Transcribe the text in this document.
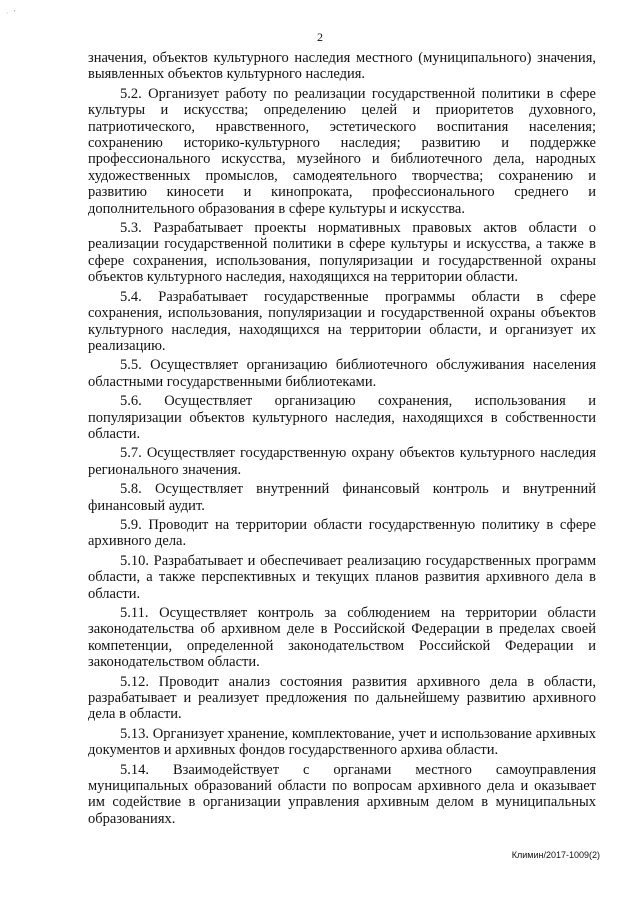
·   '
2

значения, объектов культурного наследия местного (муниципального) значения, выявленных объектов культурного наследия.

5.2. Организует работу по реализации государственной политики в сфере культуры и искусства; определению целей и приоритетов духовного, патриотического, нравственного, эстетического воспитания населения; сохранению историко-культурного наследия; развитию и поддержке профессионального искусства, музейного и библиотечного дела, народных художественных промыслов, самодеятельного творчества; сохранению и развитию киносети и кинопроката, профессионального среднего и дополнительного образования в сфере культуры и искусства.

5.3. Разрабатывает проекты нормативных правовых актов области о реализации государственной политики в сфере культуры и искусства, а также в сфере сохранения, использования, популяризации и государственной охраны объектов культурного наследия, находящихся на территории области.

5.4. Разрабатывает государственные программы области в сфере сохранения, использования, популяризации и государственной охраны объектов культурного наследия, находящихся на территории области, и организует их реализацию.

5.5. Осуществляет организацию библиотечного обслуживания населения областными государственными библиотеками.

5.6. Осуществляет организацию сохранения, использования и популяризации объектов культурного наследия, находящихся в собственности области.

5.7. Осуществляет государственную охрану объектов культурного наследия регионального значения.

5.8. Осуществляет внутренний финансовый контроль и внутренний финансовый аудит.

5.9. Проводит на территории области государственную политику в сфере архивного дела.

5.10. Разрабатывает и обеспечивает реализацию государственных программ области, а также перспективных и текущих планов развития архивного дела в области.

5.11. Осуществляет контроль за соблюдением на территории области законодательства об архивном деле в Российской Федерации в пределах своей компетенции, определенной законодательством Российской Федерации и законодательством области.

5.12. Проводит анализ состояния развития архивного дела в области, разрабатывает и реализует предложения по дальнейшему развитию архивного дела в области.

5.13. Организует хранение, комплектование, учет и использование архивных документов и архивных фондов государственного архива области.

5.14. Взаимодействует с органами местного самоуправления муниципальных образований области по вопросам архивного дела и оказывает им содействие в организации управления архивным делом в муниципальных образованиях.

Климин/2017-1009(2)
